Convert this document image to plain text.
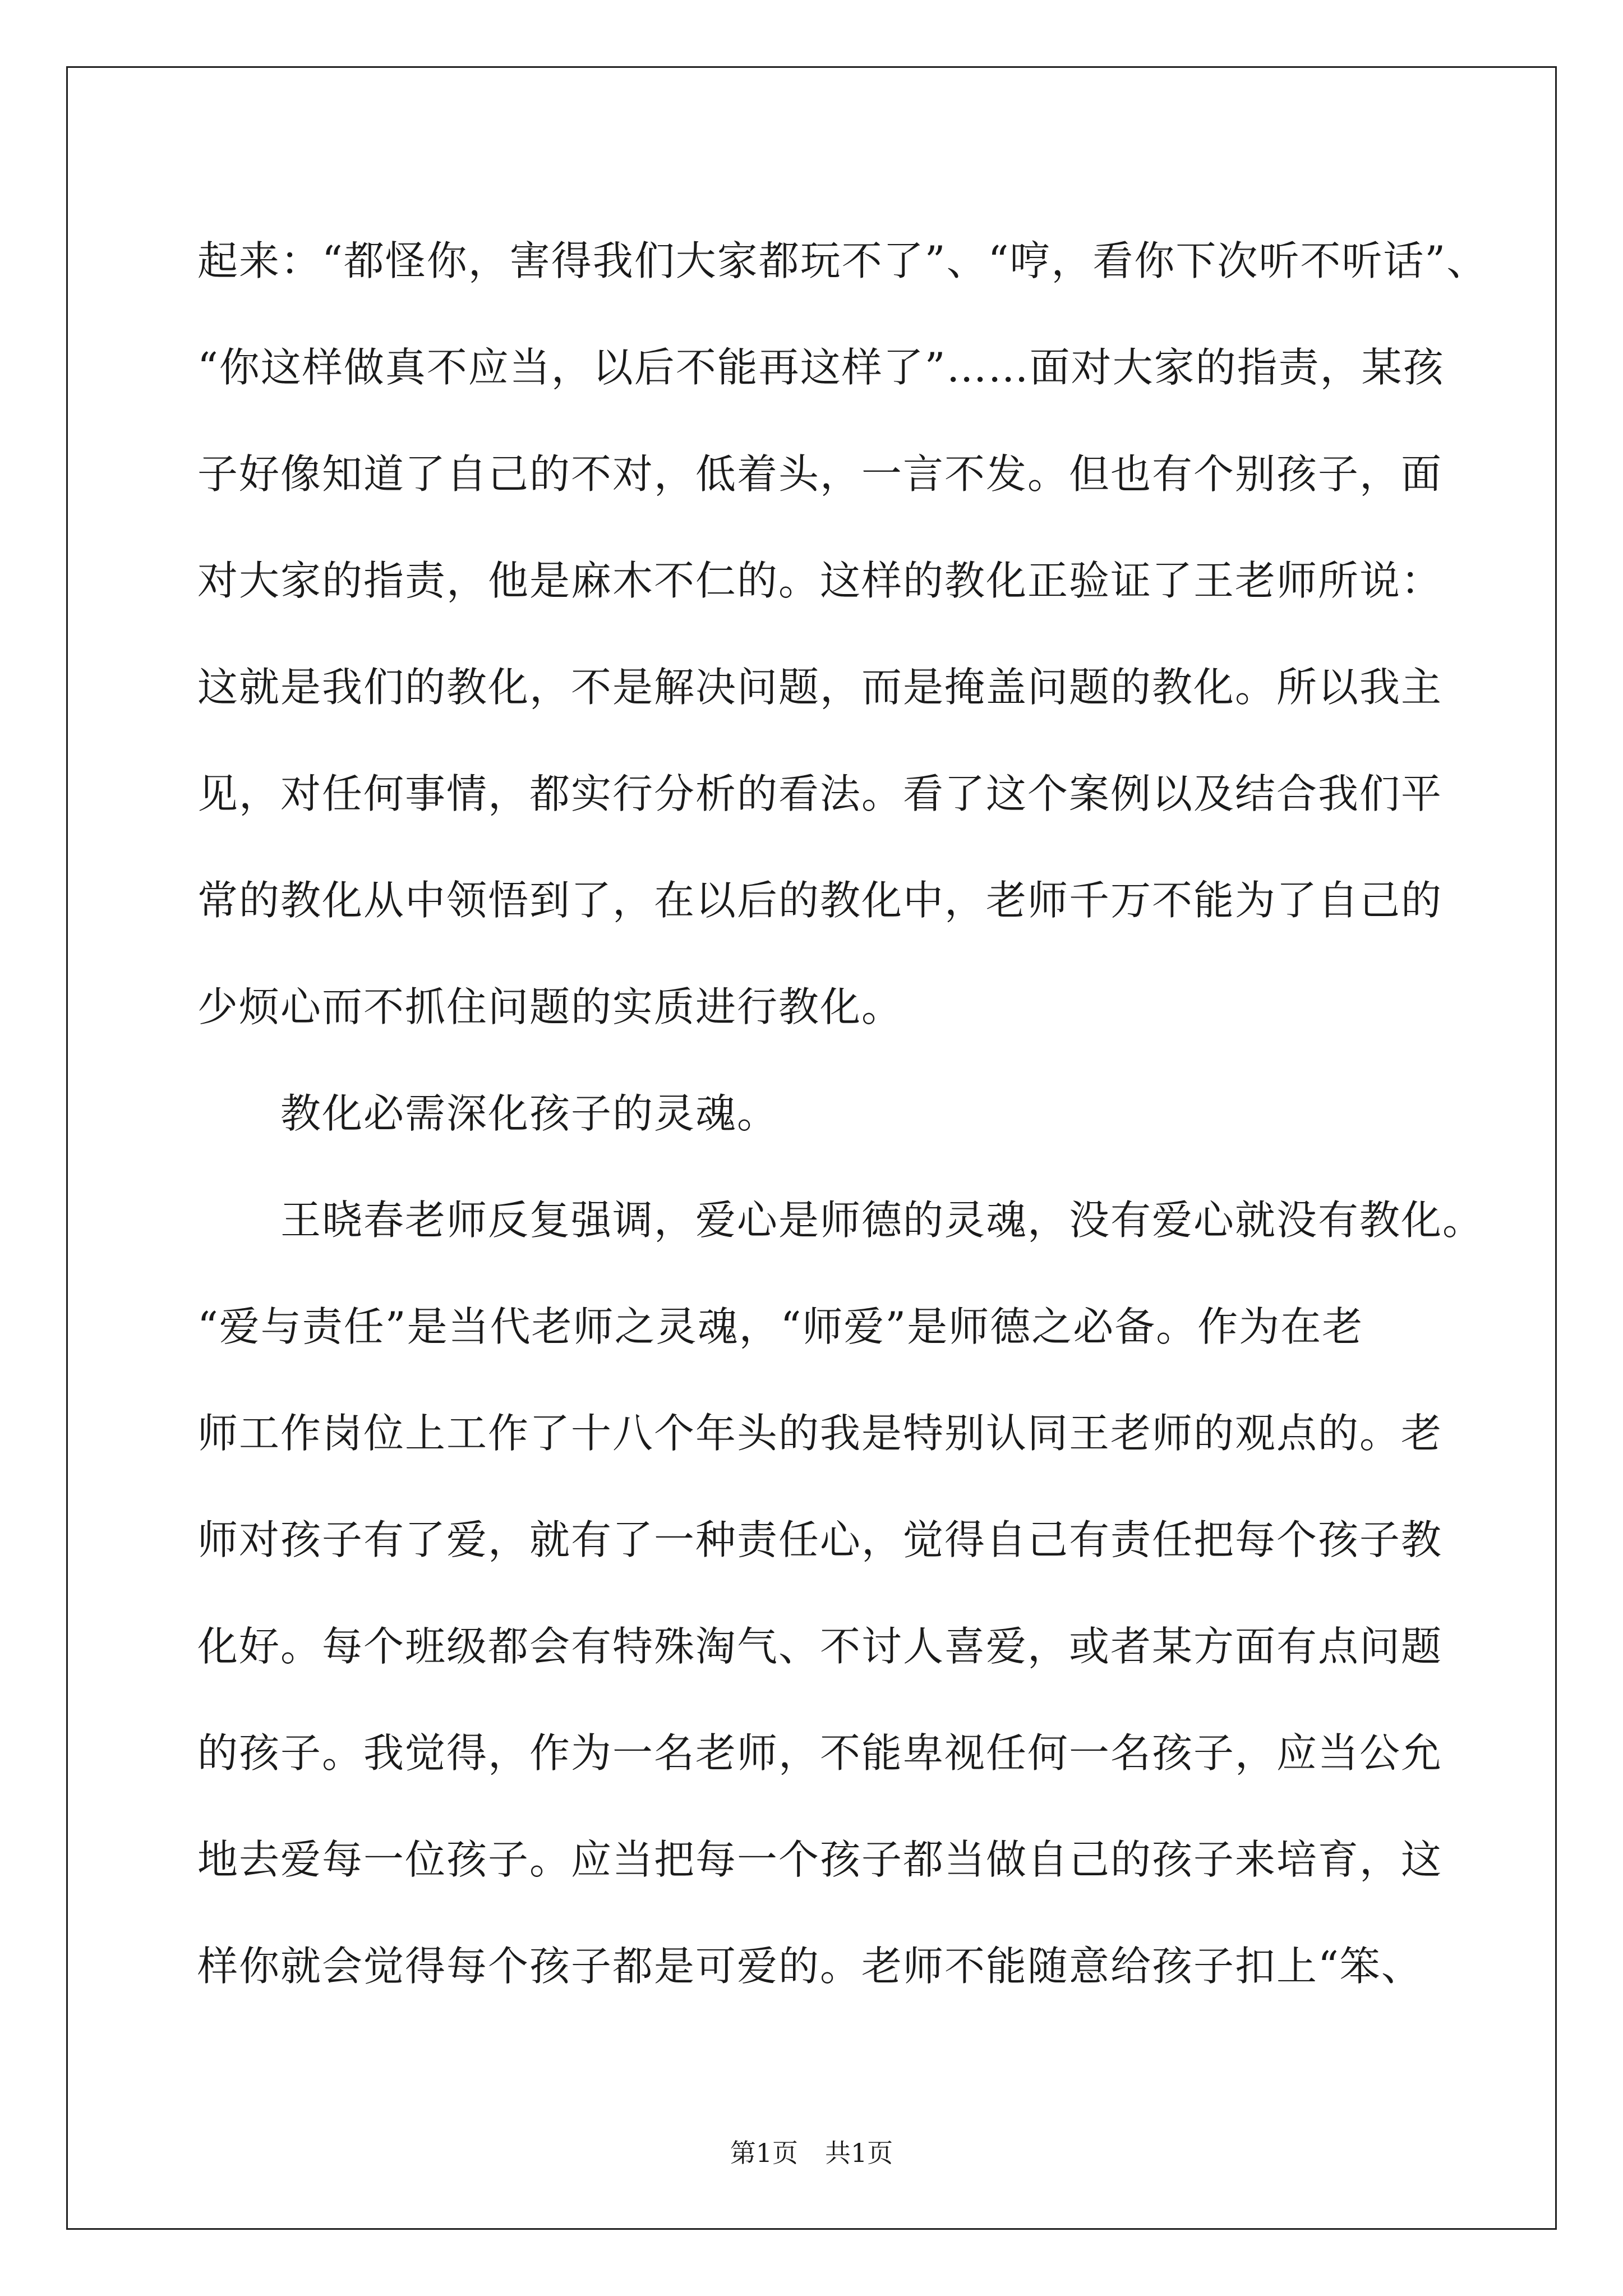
起来：“都怪你，害得我们大家都玩不了”、“哼，看你下次听不听话”、
“你这样做真不应当，以后不能再这样了”……面对大家的指责，某孩
子好像知道了自己的不对，低着头，一言不发。但也有个别孩子，面
对大家的指责，他是麻木不仁的。这样的教化正验证了王老师所说：
这就是我们的教化，不是解决问题，而是掩盖问题的教化。所以我主
见，对任何事情，都实行分析的看法。看了这个案例以及结合我们平
常的教化从中领悟到了，在以后的教化中，老师千万不能为了自己的
少烦心而不抓住问题的实质进行教化。
教化必需深化孩子的灵魂。
王晓春老师反复强调，爱心是师德的灵魂，没有爱心就没有教化。
“爱与责任”是当代老师之灵魂，“师爱”是师德之必备。作为在老
师工作岗位上工作了十八个年头的我是特别认同王老师的观点的。老
师对孩子有了爱，就有了一种责任心，觉得自己有责任把每个孩子教
化好。每个班级都会有特殊淘气、不讨人喜爱，或者某方面有点问题
的孩子。我觉得，作为一名老师，不能卑视任何一名孩子，应当公允
地去爱每一位孩子。应当把每一个孩子都当做自己的孩子来培育，这
样你就会觉得每个孩子都是可爱的。老师不能随意给孩子扣上“笨、
第1页 共1页
